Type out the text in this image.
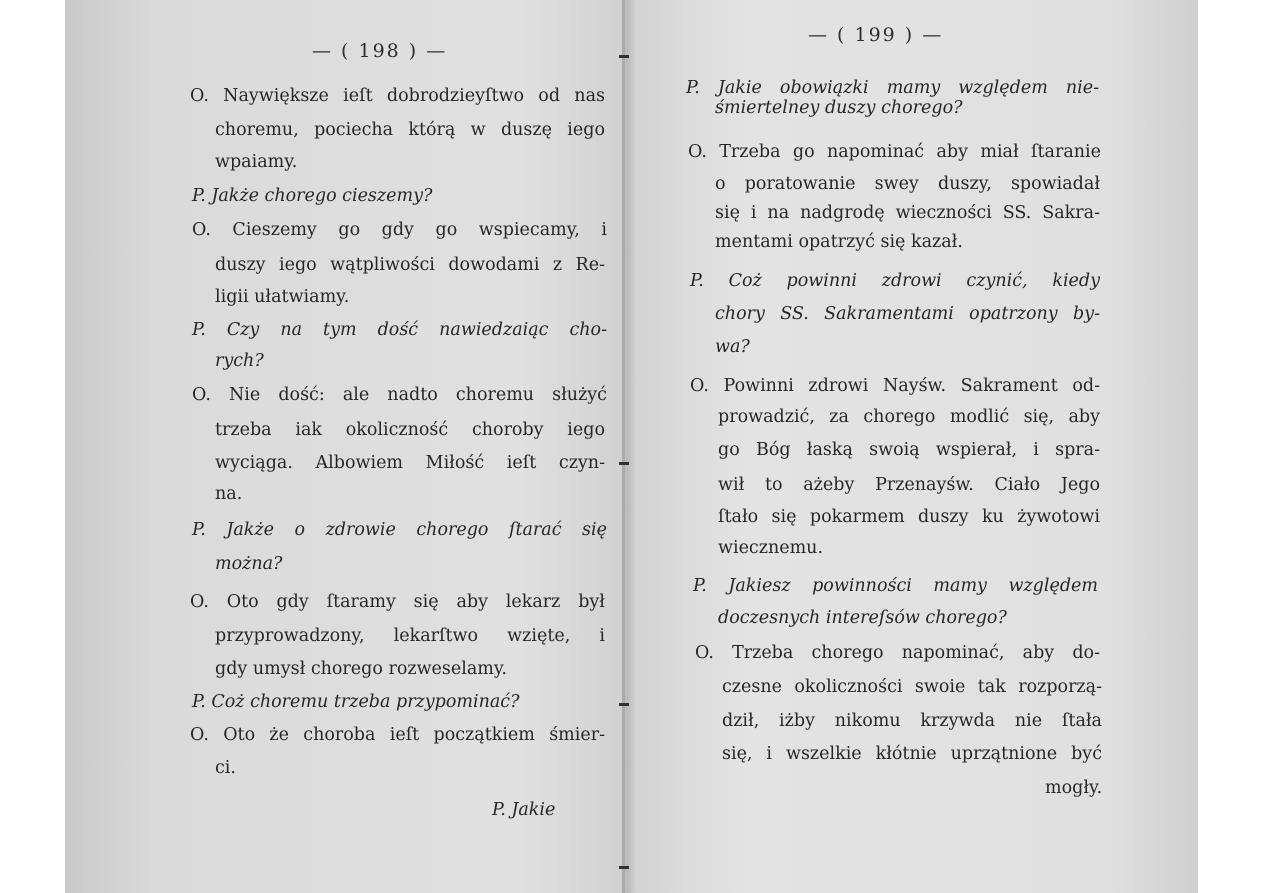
— ( 198 ) —
— ( 199 ) —
O. Naywiększe ieſt dobrodzieyſtwo od nas
choremu, pociecha którą w duszę iego
wpaiamy.
P. Jakże chorego cieszemy?
O. Cieszemy go gdy go wspiecamy, i
duszy iego wątpliwości dowodami z Re-
ligii ułatwiamy.
P. Czy na tym dość nawiedzaiąc cho-
rych?
O. Nie dość: ale nadto choremu służyć
trzeba iak okoliczność choroby iego
wyciąga. Albowiem Miłość ieſt czyn-
na.
P. Jakże o zdrowie chorego ſtarać się
można?
O. Oto gdy ſtaramy się aby lekarz był
przyprowadzony, lekarſtwo wzięte, i
gdy umysł chorego rozweselamy.
P. Coż choremu trzeba przypominać?
O. Oto że choroba ieſt początkiem śmier-
ci.
P. Jakie
P. Jakie obowiązki mamy względem nie-
śmiertelney duszy chorego?
O. Trzeba go napominać aby miał ſtaranie
o poratowanie swey duszy, spowiadał
się i na nadgrodę wieczności SS. Sakra-
mentami opatrzyć się kazał.
P. Coż powinni zdrowi czynić, kiedy
chory SS. Sakramentami opatrzony by-
wa?
O. Powinni zdrowi Nayśw. Sakrament od-
prowadzić, za chorego modlić się, aby
go Bóg łaską swoią wspierał, i spra-
wił to ażeby Przenayśw. Ciało Jego
ſtało się pokarmem duszy ku żywotowi
wiecznemu.
P. Jakiesz powinności mamy względem
doczesnych intereſsów chorego?
O. Trzeba chorego napominać, aby do-
czesne okoliczności swoie tak rozporzą-
dził, iżby nikomu krzywda nie ſtała
się, i wszelkie kłótnie uprzątnione być
mogły.
